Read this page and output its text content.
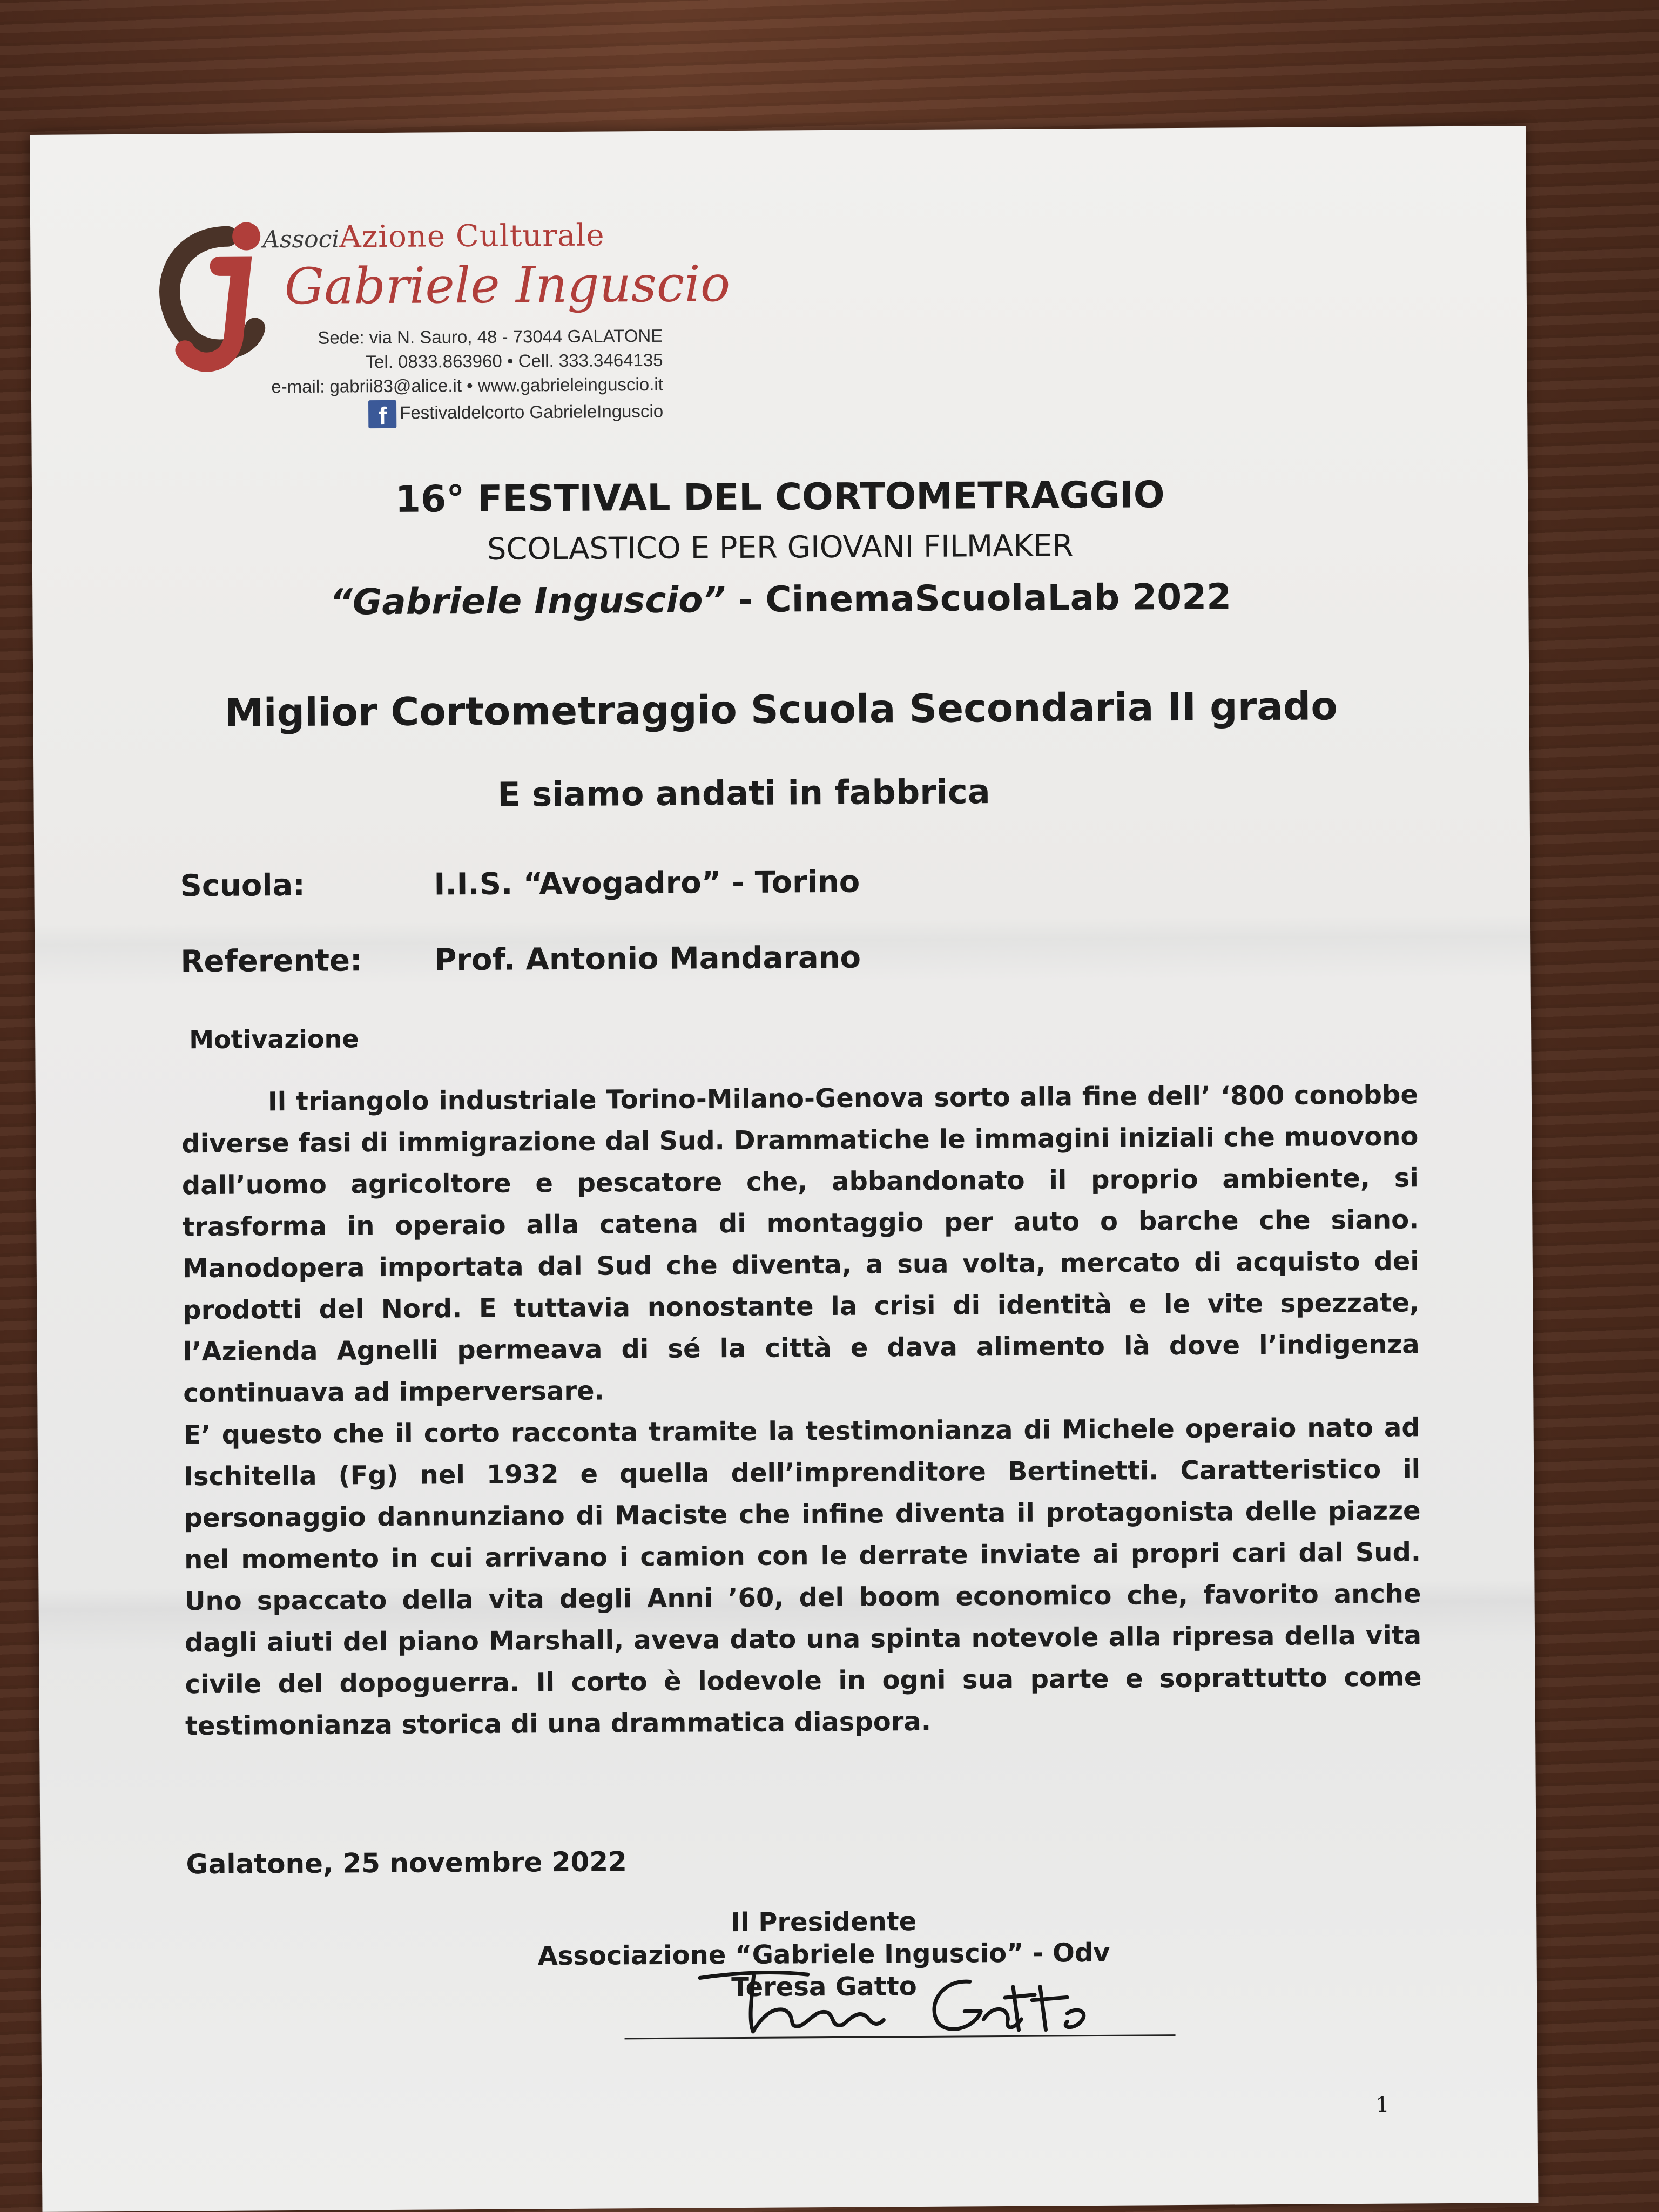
AssociAzione Culturale
Gabriele Inguscio
Sede: via N. Sauro, 48 - 73044 GALATONE
Tel. 0833.863960 • Cell. 333.3464135
e-mail: gabrii83@alice.it • www.gabrieleinguscio.it
f Festivaldelcorto GabrieleInguscio
16° FESTIVAL DEL CORTOMETRAGGIO
SCOLASTICO E PER GIOVANI FILMAKER
“Gabriele Inguscio” - CinemaScuolaLab 2022
Miglior Cortometraggio Scuola Secondaria II grado
E siamo andati in fabbrica
Scuola:	I.I.S. “Avogadro” - Torino
Referente: Prof. Antonio Mandarano
Motivazione

Il triangolo industriale Torino-Milano-Genova sorto alla fine dell’ ‘800 conobbe diverse fasi di immigrazione dal Sud. Drammatiche le immagini iniziali che muovono dall’uomo agricoltore e pescatore che, abbandonato il proprio ambiente, si trasforma in operaio alla catena di montaggio per auto o barche che siano. Manodopera importata dal Sud che diventa, a sua volta, mercato di acquisto dei prodotti del Nord. E tuttavia nonostante la crisi di identità e le vite spezzate, l’Azienda Agnelli permeava di sé la città e dava alimento là dove l’indigenza continuava ad imperversare.

E’ questo che il corto racconta tramite la testimonianza di Michele operaio nato ad Ischitella (Fg) nel 1932 e quella dell’imprenditore Bertinetti. Caratteristico il personaggio dannunziano di Maciste che infine diventa il protagonista delle piazze nel momento in cui arrivano i camion con le derrate inviate ai propri cari dal Sud. Uno spaccato della vita degli Anni ’60, del boom economico che, favorito anche dagli aiuti del piano Marshall, aveva dato una spinta notevole alla ripresa della vita civile del dopoguerra. Il corto è lodevole in ogni sua parte e soprattutto come testimonianza storica di una drammatica diaspora.

Galatone, 25 novembre 2022
Il Presidente
Associazione “Gabriele Inguscio” - Odv
Teresa Gatto
1
